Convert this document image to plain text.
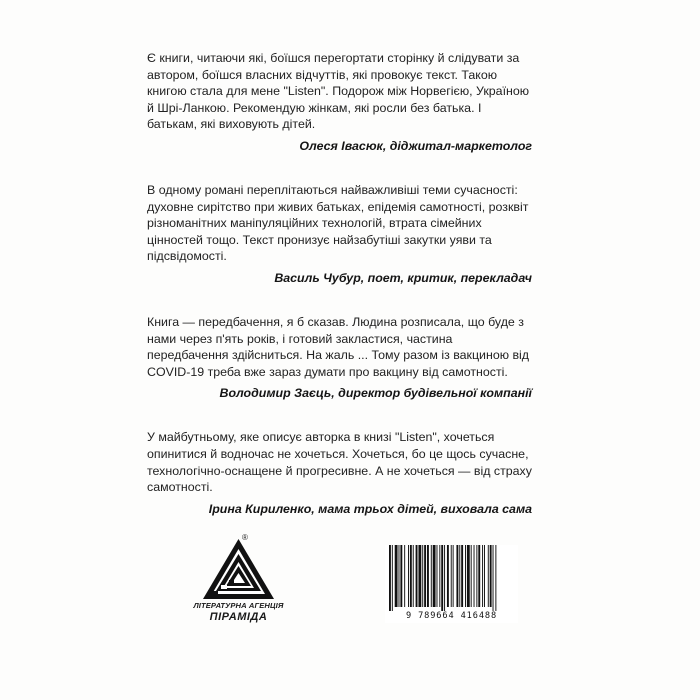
Є книги, читаючи які, боїшся перегортати сторінку й слідувати за автором, боїшся власних відчуттів, які провокує текст. Такою книгою стала для мене "Listen". Подорож між Норвегією, Україною й Шрі-Ланкою. Рекомендую жінкам, які росли без батька. І батькам, які виховують дітей.

Олеся Івасюк, діджитал-маркетолог

В одному романі переплітаються найважливіші теми сучасності: духовне сирітство при живих батьках, епідемія самотності, розквіт різноманітних маніпуляційних технологій, втрата сімейних цінностей тощо. Текст пронизує найзабутіші закутки уяви та підсвідомості.

Василь Чубур, поет, критик, перекладач

Книга — передбачення, я б сказав. Людина розписала, що буде з нами через п'ять років, і готовий закластися, частина передбачення здійсниться. На жаль ... Тому разом із вакциною від COVID-19 треба вже зараз думати про вакцину від самотності.

Володимир Заєць, директор будівельної компанії

У майбутньому, яке описує авторка в книзі "Listen", хочеться опинитися й водночас не хочеться. Хочеться, бо це щось сучасне, технологічно-оснащене й прогресивне. А не хочеться — від страху самотності.

Ірина Кириленко, мама трьох дітей, виховала сама

®
ЛІТЕРАТУРНА АГЕНЦІЯ
ПІРАМІДА	9 789664 416488
